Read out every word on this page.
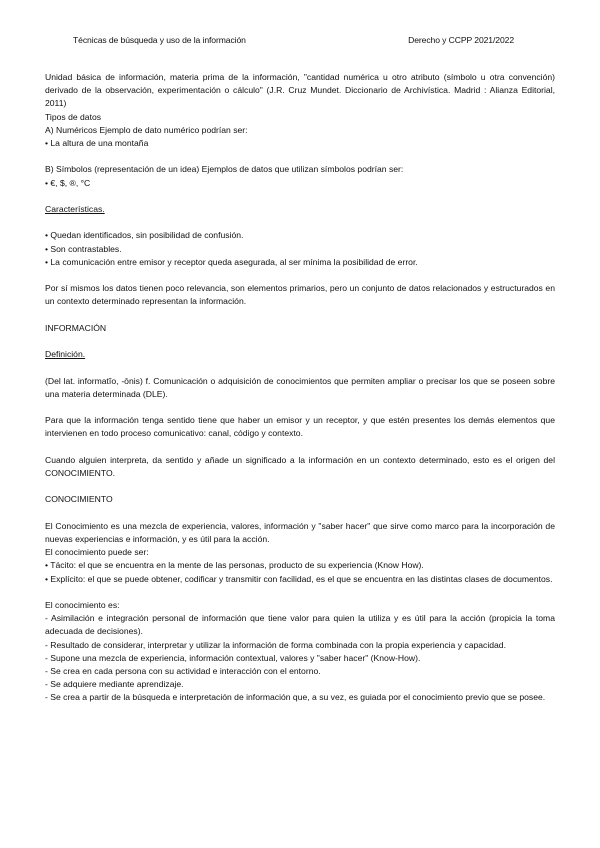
Técnicas de búsqueda y uso de la información	Derecho y CCPP 2021/2022

Unidad básica de información, materia prima de la información, "cantidad numérica u otro atributo (símbolo u otra convención) derivado de la observación, experimentación o cálculo" (J.R. Cruz Mundet. Diccionario de Archivística. Madrid : Alianza Editorial, 2011)

Tipos de datos

A) Numéricos Ejemplo de dato numérico podrían ser:

• La altura de una montaña

B) Símbolos (representación de un idea) Ejemplos de datos que utilizan símbolos podrían ser:

• €, $, ®, °C

Características.

• Quedan identificados, sin posibilidad de confusión.

• Son contrastables.

• La comunicación entre emisor y receptor queda asegurada, al ser mínima la posibilidad de error.

Por sí mismos los datos tienen poco relevancia, son elementos primarios, pero un conjunto de datos relacionados y estructurados en un contexto determinado representan la información.

INFORMACIÓN

Definición.

(Del lat. informatĭo, -ōnis) f. Comunicación o adquisición de conocimientos que permiten ampliar o precisar los que se poseen sobre una materia determinada (DLE).

Para que la información tenga sentido tiene que haber un emisor y un receptor, y que estén presentes los demás elementos que intervienen en todo proceso comunicativo: canal, código y contexto.

Cuando alguien interpreta, da sentido y añade un significado a la información en un contexto determinado, esto es el origen del CONOCIMIENTO.

CONOCIMIENTO

El Conocimiento es una mezcla de experiencia, valores, información y "saber hacer" que sirve como marco para la incorporación de nuevas experiencias e información, y es útil para la acción.

El conocimiento puede ser:

• Tácito: el que se encuentra en la mente de las personas, producto de su experiencia (Know How).

• Explícito: el que se puede obtener, codificar y transmitir con facilidad, es el que se encuentra en las distintas clases de documentos.

El conocimiento es:

- Asimilación e integración personal de información que tiene valor para quien la utiliza y es útil para la acción (propicia la toma adecuada de decisiones).

- Resultado de considerar, interpretar y utilizar la información de forma combinada con la propia experiencia y capacidad.

- Supone una mezcla de experiencia, información contextual, valores y "saber hacer" (Know-How).

- Se crea en cada persona con su actividad e interacción con el entorno.

- Se adquiere mediante aprendizaje.

- Se crea a partir de la búsqueda e interpretación de información que, a su vez, es guiada por el conocimiento previo que se posee.
